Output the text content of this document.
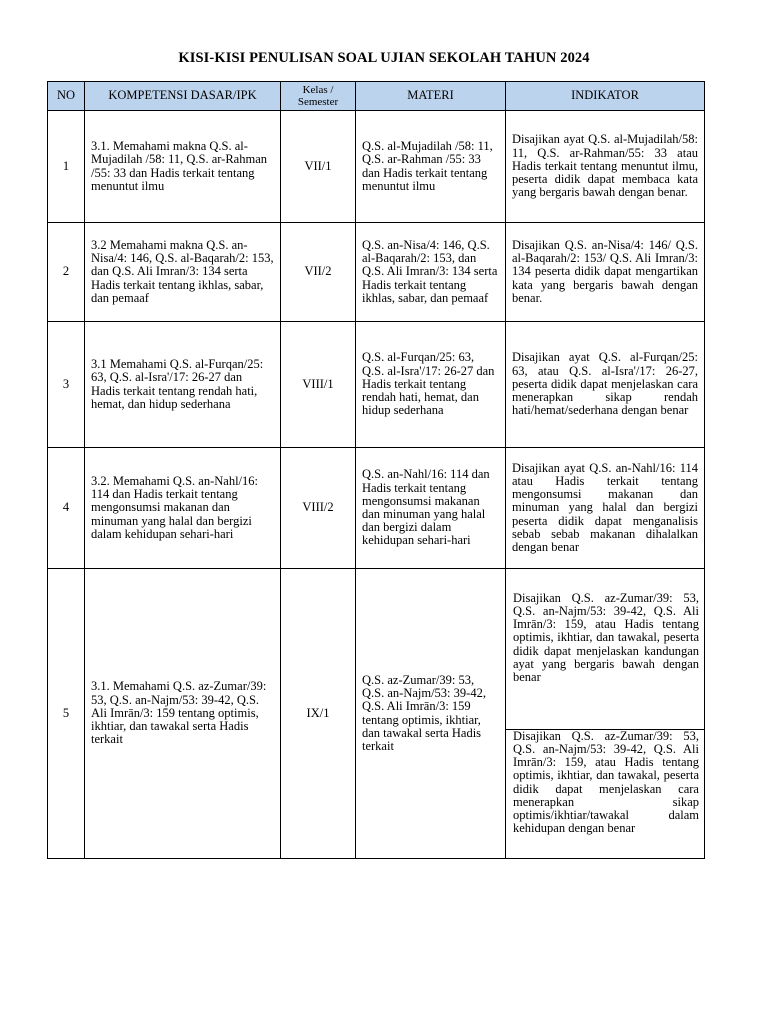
KISI-KISI PENULISAN SOAL UJIAN SEKOLAH TAHUN 2024
NO	KOMPETENSI DASAR/IPK	Kelas / Semester	MATERI	INDIKATOR
1	3.1. Memahami makna Q.S. al-Mujadilah /58: 11, Q.S. ar-Rahman /55: 33 dan Hadis terkait tentang menuntut ilmu	VII/1	Q.S. al-Mujadilah /58: 11, Q.S. ar-Rahman /55: 33 dan Hadis terkait tentang menuntut ilmu	Disajikan ayat Q.S. al-Mujadilah/58: 11, Q.S. ar-Rahman/55: 33 atau Hadis terkait tentang menuntut ilmu, peserta didik dapat membaca kata yang bergaris bawah dengan benar.
2	3.2 Memahami makna Q.S. an-Nisa/4: 146, Q.S. al-Baqarah/2: 153, dan Q.S. Ali Imran/3: 134 serta Hadis terkait tentang ikhlas, sabar, dan pemaaf	VII/2	Q.S. an-Nisa/4: 146, Q.S. al-Baqarah/2: 153, dan Q.S. Ali Imran/3: 134 serta Hadis terkait tentang ikhlas, sabar, dan pemaaf	Disajikan Q.S. an-Nisa/4: 146/ Q.S. al-Baqarah/2: 153/ Q.S. Ali Imran/3: 134 peserta didik dapat mengartikan kata yang bergaris bawah dengan benar.
3	3.1 Memahami Q.S. al-Furqan/25: 63, Q.S. al-Isra'/17: 26-27 dan Hadis terkait tentang rendah hati, hemat, dan hidup sederhana	VIII/1	Q.S. al-Furqan/25: 63, Q.S. al-Isra'/17: 26-27 dan Hadis terkait tentang rendah hati, hemat, dan hidup sederhana	Disajikan ayat Q.S. al-Furqan/25: 63, atau Q.S. al-Isra'/17: 26-27, peserta didik dapat menjelaskan cara menerapkan sikap rendah hati/hemat/sederhana dengan benar
4	3.2. Memahami Q.S. an-Nahl/16: 114 dan Hadis terkait tentang mengonsumsi makanan dan minuman yang halal dan bergizi dalam kehidupan sehari-hari	VIII/2	Q.S. an-Nahl/16: 114 dan Hadis terkait tentang mengonsumsi makanan dan minuman yang halal dan bergizi dalam kehidupan sehari-hari	Disajikan ayat Q.S. an-Nahl/16: 114 atau Hadis terkait tentang mengonsumsi makanan dan minuman yang halal dan bergizi peserta didik dapat menganalisis sebab sebab makanan dihalalkan dengan benar
5	3.1. Memahami Q.S. az-Zumar/39: 53, Q.S. an-Najm/53: 39-42, Q.S. Ali Imrān/3: 159 tentang optimis, ikhtiar, dan tawakal serta Hadis terkait	IX/1	Q.S. az-Zumar/39: 53, Q.S. an-Najm/53: 39-42, Q.S. Ali Imrān/3: 159 tentang optimis, ikhtiar, dan tawakal serta Hadis terkait	Disajikan Q.S. az-Zumar/39: 53, Q.S. an-Najm/53: 39-42, Q.S. Ali Imrān/3: 159, atau Hadis tentang optimis, ikhtiar, dan tawakal, peserta didik dapat menjelaskan kandungan ayat yang bergaris bawah dengan benar
Disajikan Q.S. az-Zumar/39: 53, Q.S. an-Najm/53: 39-42, Q.S. Ali Imrān/3: 159, atau Hadis tentang optimis, ikhtiar, dan tawakal, peserta didik dapat menjelaskan cara menerapkan sikap optimis/ikhtiar/tawakal dalam kehidupan dengan benar
